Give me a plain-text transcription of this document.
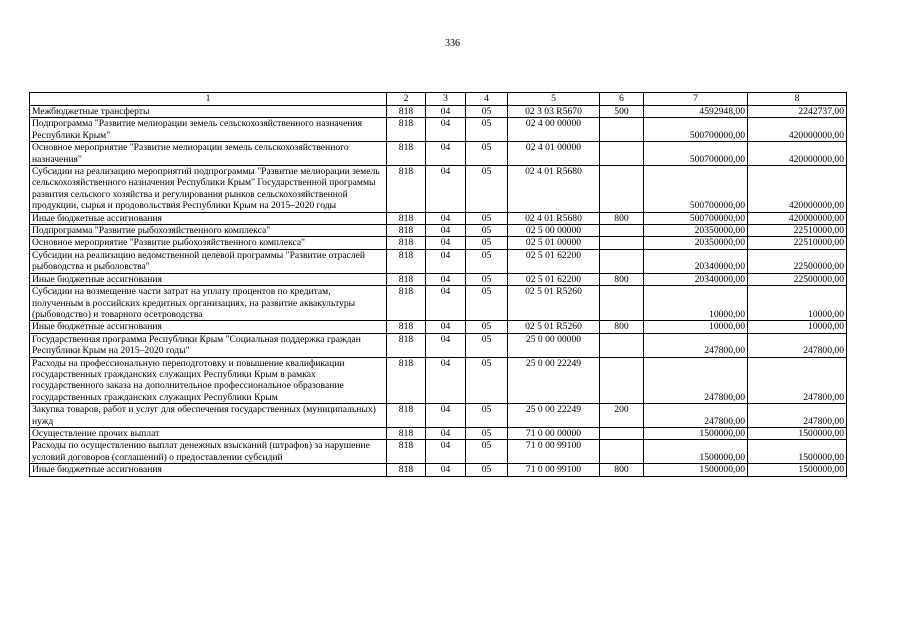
336
1	2	3	4	5	6	7	8
Межбюджетные трансферты	818	04	05	02 3 03 R5670	500	4592948,00	2242737,00
Подпрограмма "Развитие мелиорации земель сельскохозяйственного назначения Республики Крым"	818	04	05	02 4 00 00000		500700000,00	420000000,00
Основное мероприятие "Развитие мелиорации земель сельскохозяйственного назначения"	818	04	05	02 4 01 00000		500700000,00	420000000,00
Субсидии на реализацию мероприятий подпрограммы "Развитие мелиорации земель сельскохозяйственного назначения Республики Крым" Государственной программы развития сельского хозяйства и регулирования рынков сельскохозяйственной продукции, сырья и продовольствия Республики Крым на 2015–2020 годы	818	04	05	02 4 01 R5680		500700000,00	420000000,00
Иные бюджетные ассигнования	818	04	05	02 4 01 R5680	800	500700000,00	420000000,00
Подпрограмма "Развитие рыбохозяйственного комплекса"	818	04	05	02 5 00 00000		20350000,00	22510000,00
Основное мероприятие "Развитие рыбохозяйственного комплекса"	818	04	05	02 5 01 00000		20350000,00	22510000,00
Субсидии на реализацию ведомственной целевой программы "Развитие отраслей рыбоводства и рыболовства"	818	04	05	02 5 01 62200		20340000,00	22500000,00
Иные бюджетные ассигнования	818	04	05	02 5 01 62200	800	20340000,00	22500000,00
Субсидии на возмещение части затрат на уплату процентов по кредитам, полученным в российских кредитных организациях, на развитие аквакультуры (рыбоводство) и товарного осетроводства	818	04	05	02 5 01 R5260		10000,00	10000,00
Иные бюджетные ассигнования	818	04	05	02 5 01 R5260	800	10000,00	10000,00
Государственная программа Республики Крым "Социальная поддержка граждан Республики Крым на 2015–2020 годы"	818	04	05	25 0 00 00000		247800,00	247800,00
Расходы на профессиональную переподготовку и повышение квалификации государственных гражданских служащих Республики Крым в рамках государственного заказа на дополнительное профессиональное образование государственных гражданских служащих Республики Крым	818	04	05	25 0 00 22249		247800,00	247800,00
Закупка товаров, работ и услуг для обеспечения государственных (муниципальных) нужд	818	04	05	25 0 00 22249	200	247800,00	247800,00
Осуществление прочих выплат	818	04	05	71 0 00 00000		1500000,00	1500000,00
Расходы по осуществлению выплат денежных взысканий (штрафов) за нарушение условий договоров (соглашений) о предоставлении субсидий	818	04	05	71 0 00 99100		1500000,00	1500000,00
Иные бюджетные ассигнования	818	04	05	71 0 00 99100	800	1500000,00	1500000,00
